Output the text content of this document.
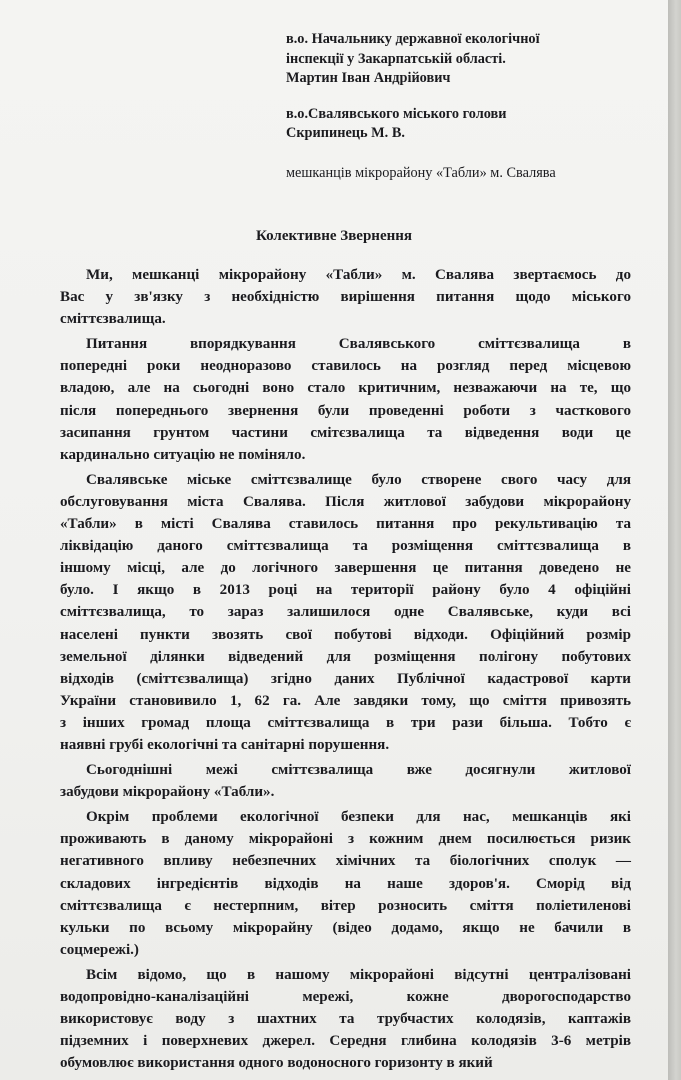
в.о. Начальнику державної екологічної
інспекції у Закарпатській області.
Мартин Іван Андрійович
в.о.Свалявського міського голови
Скрипинець М. В.
мешканців мікрорайону «Табли» м. Свалява
Колективне Звернення
Ми, мешканці мікрорайону «Табли» м. Свалява звертаємось до
Вас у зв'язку з необхідністю вирішення питання щодо міського
сміттєзвалища.
Питання впорядкування Свалявського сміттєзвалища в
попередні роки неодноразово ставилось на розгляд перед місцевою
владою, але на сьогодні воно стало критичним, незважаючи на те, що
після попереднього звернення були проведенні роботи з часткового
засипання грунтом частини смітєзвалища та відведення води це
кардинально ситуацію не поміняло.
Свалявське міське сміттєзвалище було створене свого часу для
обслуговування міста Свалява. Після житлової забудови мікрорайону
«Табли» в місті Свалява ставилось питання про рекультивацію та
ліквідацію даного сміттєзвалища та розміщення сміттєзвалища в
іншому місці, але до логічного завершення це питання доведено не
було. І якщо в 2013 році на території району було 4 офіційні
сміттєзвалища, то зараз залишилося одне Свалявське, куди всі
населені пункти звозять свої побутові відходи. Офіційний розмір
земельної ділянки відведений для розміщення полігону побутових
відходів (сміттєзвалища) згідно даних Публічної кадастрової карти
України становивило 1, 62 га. Але завдяки тому, що сміття привозять
з інших громад площа сміттєзвалища в три рази більша. Тобто є
наявні грубі екологічні та санітарні порушення.
Сьогоднішні межі сміттєзвалища вже досягнули житлової
забудови мікрорайону «Табли».
Окрім проблеми екологічної безпеки для нас, мешканців які
проживають в даному мікрорайоні з кожним днем посилюється ризик
негативного впливу небезпечних хімічних та біологічних сполук —
складових інгредієнтів відходів на наше здоров'я. Сморід від
сміттєзвалища є нестерпним, вітер розносить сміття поліетиленові
кульки по всьому мікрорайну (відео додамо, якщо не бачили в
соцмережі.)
Всім відомо, що в нашому мікрорайоні відсутні централізовані
водопровідно-каналізаційні мережі, кожне дворогосподарство
використовує воду з шахтних та трубчастих колодязів, каптажів
підземних і поверхневих джерел. Середня глибина колодязів 3-6 метрів
обумовлює використання одного водоносного горизонту в який
